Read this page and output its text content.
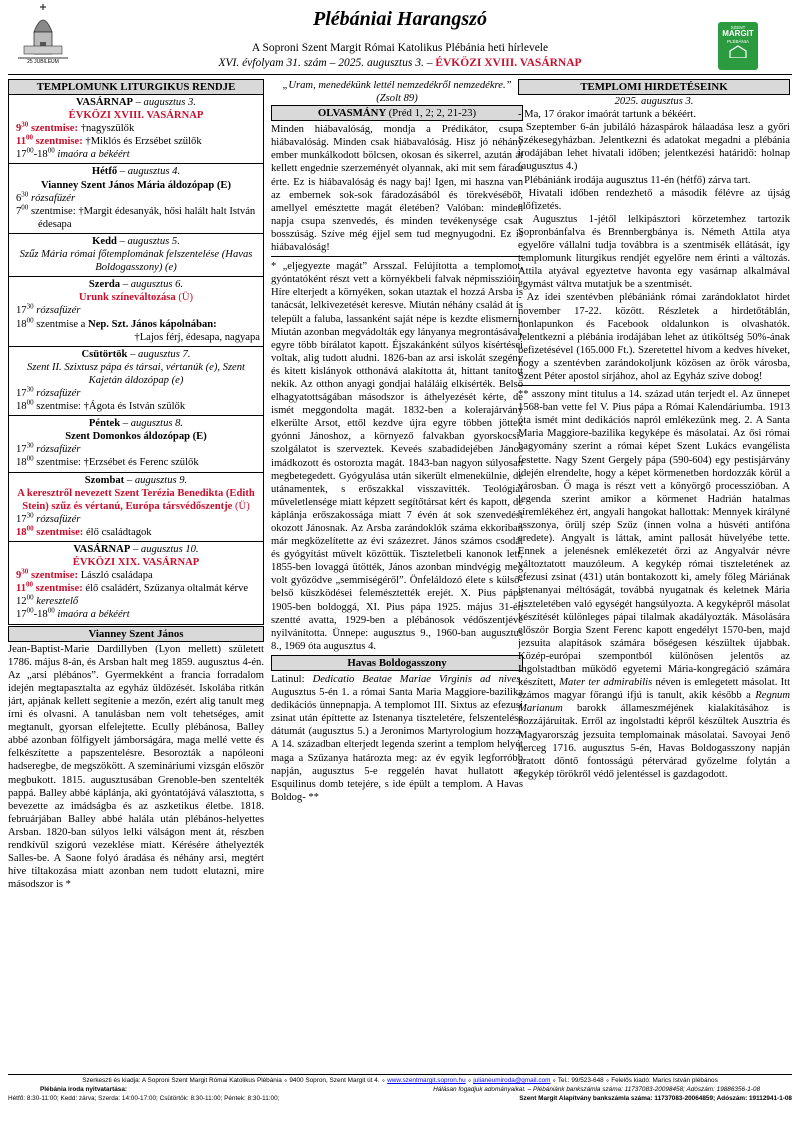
25 JUBILEUM
Plébániai Harangszó
A Soproni Szent Margit Római Katolikus Plébánia heti hírlevele
XVI. évfolyam 31. szám – 2025. augusztus 3. – ÉVKÖZI XVIII. VASÁRNAP
SZENT
MARGIT
PLÉBÁNIA
TEMPLOMUNK LITURGIKUS RENDJE
VASÁRNAP – augusztus 3.
ÉVKÖZI XVIII. VASÁRNAP
$9^{30}$ szentmise: †nagyszülők
$11^{00}$ szentmise: †Miklós és Erzsébet szülők
$17^{00}-18^{00}$ imaóra a békéért
Hétfő – augusztus 4.
Vianney Szent János Mária áldozópap (E)
$6^{30}$ rózsafüzér
$7^{00}$ szentmise: †Margit édesanyák, hősi halált halt István édesapa
Kedd – augusztus 5.
Szűz Mária római főtemplomának felszentelése (Havas Boldogasszony) (e)
Szerda – augusztus 6.
Urunk színeváltozása (Ü)
$17^{30}$ rózsafüzér
$18^{00}$ szentmise a Nep. Szt. János kápolnában:
†Lajos férj, édesapa, nagyapa
Csütörtök – augusztus 7.
Szent II. Szixtusz pápa és társai, vértanúk (e), Szent Kajetán áldozópap (e)
$17^{30}$ rózsafüzér
$18^{00}$ szentmise: †Ágota és István szülők
Péntek – augusztus 8.
Szent Domonkos áldozópap (E)
$17^{30}$ rózsafüzér
$18^{00}$ szentmise: †Erzsébet és Ferenc szülők
Szombat – augusztus 9.
A keresztről nevezett Szent Terézia Benedikta (Edith Stein) szűz és vértanú, Európa társvédőszentje (Ü)
$17^{30}$ rózsafüzér
$18^{00}$ szentmise: élő családtagok
VASÁRNAP – augusztus 10.
ÉVKÖZI XIX. VASÁRNAP
$9^{30}$ szentmise: László családapa
$11^{00}$ szentmise: élő családért, Szűzanya oltalmát kérve
$12^{00}$ keresztelő
$17^{00}-18^{00}$ imaóra a békéért
Vianney Szent János
Jean-Baptist-Marie Dardillyben (Lyon mellett) született 1786. május 8-án, és Arsban halt meg 1859. augusztus 4-én. Az „arsi plébános”. Gyermekként a francia forradalom idején megtapasztalta az egyház üldözését. Iskolába ritkán járt, apjának kellett segítenie a mezőn, ezért alig tanult meg írni és olvasni. A tanulásban nem volt tehetséges, amit megtanult, gyorsan elfelejtette. Ecully plébánosa, Balley abbé azonban fölfigyelt jámborságára, maga mellé vette és felkészítette a papszentelésre. Besorozták a napóleoni hadseregbe, de megszökött. A szemináriumi vizsgán először megbukott. 1815. augusztusában Grenoble-ben szentelték pappá. Balley abbé káplánja, aki gyóntatójává választotta, s bevezette az imádságba és az aszketikus életbe. 1818. februárjában Balley abbé halála után plébános-helyettes Arsban. 1820-ban súlyos lelki válságon ment át, részben rendkívül szigorú vezeklése miatt. Kérésére áthelyezték Salles-be. A Saone folyó áradása és néhány arsi, megtért híve tiltakozása miatt azonban nem tudott elutazni, mire másodszor is *
„Uram, menedékünk lettél nemzedékről nemzedékre.” (Zsolt 89)
OLVASMÁNY (Préd 1, 2; 2, 21-23)
Minden hiábavalóság, mondja a Prédikátor, csupa hiábavalóság. Minden csak hiábavalóság. Hisz jó néhány ember munkálkodott bölcsen, okosan és sikerrel, azután át kellett engednie szerzeményét olyannak, aki mit sem fáradt érte. Ez is hiábavalóság és nagy baj! Igen, mi haszna van az embernek sok-sok fáradozásából és törekvéséből, amellyel emésztette magát életében? Valóban: minden napja csupa szenvedés, és minden tevékenysége csak bosszúság. Szíve még éjjel sem tud megnyugodni. Ez is hiábavalóság!
* „eljegyezte magát” Arsszal. Felújította a templomot, gyóntatóként részt vett a környékbeli falvak népmisszióin. Híre elterjedt a környéken, sokan utaztak el hozzá Arsba is tanácsát, lelkivezetését keresve. Miután néhány család át is települt a faluba, lassanként saját népe is kezdte elismerni. Miután azonban megvádolták egy lányanya megrontásával, egyre több bírálatot kapott. Éjszakánként súlyos kísértései voltak, alig tudott aludni. 1826-ban az arsi iskolát szegény és kitett kislányok otthonává alakította át, hittant tanított nekik. Az otthon anyagi gondjai haláláig elkísérték. Belső elhagyatottságában másodszor is áthelyezését kérte, de ismét meggondolta magát. 1832-ben a kolerajárvány elkerülte Arsot, ettől kezdve újra egyre többen jöttek gyónni Jánoshoz, a környező falvakban gyorskocsi-szolgálatot is szerveztek. Keveés szabadidejében János imádkozott és ostorozta magát. 1843-ban nagyon súlyosan megbetegedett. Gyógyulása után sikerült elmenekülnie, de utánamentek, s erőszakkal visszavitték. Teológiai műveletlensége miatt képzett segítőtársat kért és kapott, de káplánja erőszakossága miatt 7 évén át sok szenvedést okozott Jánosnak. Az Arsba zarándoklók száma ekkoriban már megközelítette az évi százezret. János számos csodát és gyógyítást művelt közöttük. Tiszteletbeli kanonok lett, 1855-ben lovaggá ütötték, János azonban mindvégig meg volt győződve „semmiségéről”. Önfeláldozó élete s külső-belső küszködései felemésztették erejét. X. Pius pápa 1905-ben boldoggá, XI. Pius pápa 1925. május 31-én szentté avatta, 1929-ben a plébánosok védőszentjévé nyilvánította. Ünnepe: augusztus 9., 1960-ban augusztus 8., 1969 óta augusztus 4.
Havas Boldogasszony
Latinul: Dedicatio Beatae Mariae Virginis ad nives. Augusztus 5-én 1. a római Santa Maria Maggiore-bazilika dedikációs ünnepnapja. A templomot III. Sixtus az efezusi zsinat után építtette az Istenanya tiszteletére, felszentelése dátumát (augusztus 5.) a Jeronimos Martyrologium hozza. A 14. században elterjedt legenda szerint a templom helyét maga a Szűzanya határozta meg: az év egyik legforróbb napján, augusztus 5-e reggelén havat hullatott az Esquilinus domb tetejére, s ide épült a templom. A Havas Boldog- **
TEMPLOMI HIRDETÉSEINK
2025. augusztus 3.
- Ma, 17 órakor imaórát tartunk a békéért.
- Szeptember 6-án jubiláló házaspárok hálaadása lesz a győri Székesegyházban. Jelentkezni és adatokat megadni a plébánia irodájában lehet hivatali időben; jelentkezési határidő: holnap (augusztus 4.)
- Plébániánk irodája augusztus 11-én (hétfő) zárva tart.
- Hivatali időben rendezhető a második félévre az újság előfizetés.
- Augusztus 1-jétől lelkipásztori körzetemhez tartozik Sopronbánfalva és Brennbergbánya is. Németh Attila atya egyelőre vállalni tudja továbbra is a szentmisék ellátását, így templomunk liturgikus rendjét egyelőre nem érinti a változás. Attila atyával egyeztetve havonta egy vasárnap alkalmával egymást váltva mutatjuk be a szentmisét.
- Az idei szentévben plébániánk római zarándoklatot hirdet november 17-22. között. Részletek a hirdetőtáblán, honlapunkon és Facebook oldalunkon is olvashatók. Jelentkezni a plébánia irodájában lehet az útiköltség 50%-ának befizetésével (165.000 Ft.). Szeretettel hívom a kedves híveket, hogy a szentévben zarándokoljunk közösen az örök városba, Szent Péter apostol sírjához, ahol az Egyház szíve dobog!
** asszony mint titulus a 14. század után terjedt el. Az ünnepet 1568-ban vette fel V. Pius pápa a Római Kalendáriumba. 1913 óta ismét mint dedikációs napról emlékezünk meg. 2. A Santa Maria Maggiore-bazilika kegyképe és másolatai. Az ősi római hagyomány szerint a római képet Szent Lukács evangélista festette. Nagy Szent Gergely pápa (590-604) egy pestisjárvány idején elrendelte, hogy a képet körmenetben hordozzák körül a városban. Ő maga is részt vett a könyörgő processzióban. A legenda szerint amikor a körmenet Hadrián hatalmas síremlékéhez ért, angyali hangokat hallottak: Mennyek királyné asszonya, örülj szép Szűz (innen volna a húsvéti antifóna eredete). Angyalt is láttak, amint pallosát hüvelyébe tette. Ennek a jelenésnek emlékezetét őrzi az Angyalvár névre változtatott mauzóleum. A kegykép római tiszteletének az efezusi zsinat (431) után bontakozott ki, amely főleg Máriának istenanyai méltóságát, továbbá nyugatnak és keletnek Mária tiszteletében való egységét hangsúlyozta. A kegyképről másolat készítését különleges pápai tilalmak akadályozták. Másolására először Borgia Szent Ferenc kapott engedélyt 1570-ben, majd jezsuita alapítások számára bőségesen készültek újabbak. Közép-európai szempontból különösen jelentős az Ingolstadtban működő egyetemi Mária-kongregáció számára készített, Mater ter admirabilis néven is emlegetett másolat. Itt számos magyar főrangú ifjú is tanult, akik később a Regnum Marianum barokk állameszméjének kialakításához is hozzájáruitak. Erről az ingolstadti képről készültek Ausztria és Magyarország jezsuita templomainak másolatai. Savoyai Jenő herceg 1716. augusztus 5-én, Havas Boldogasszony napján aratott döntő fontosságú pétervárad győzelme folytán a kegykép törökről védő jelentéssel is gazdagodott.
Szerkeszti és kiadja: A Soproni Szent Margit Római Katolikus Plébánia ∘ 9400 Sopron, Szent Margit út 4. ∘ www.szentmargit.sopron.hu ∘ julianeumiroda@gmail.com ∘ Tel.: 99/523-648 ∘ Felelős kiadó: Marics István plébános
Plébánia iroda nyitvatartása:	Hálásan fogadjuk adományaikat. – Plébániánk bankszámla száma: 11737083-20098458; Adószám: 19886356-1-08
Hétfő: 8:30-11:00; Kedd: zárva; Szerda: 14:00-17:00; Csütörtök: 8:30-11:00; Péntek: 8:30-11:00;	Szent Margit Alapítvány bankszámla száma: 11737083-20064859; Adószám: 19112941-1-08
